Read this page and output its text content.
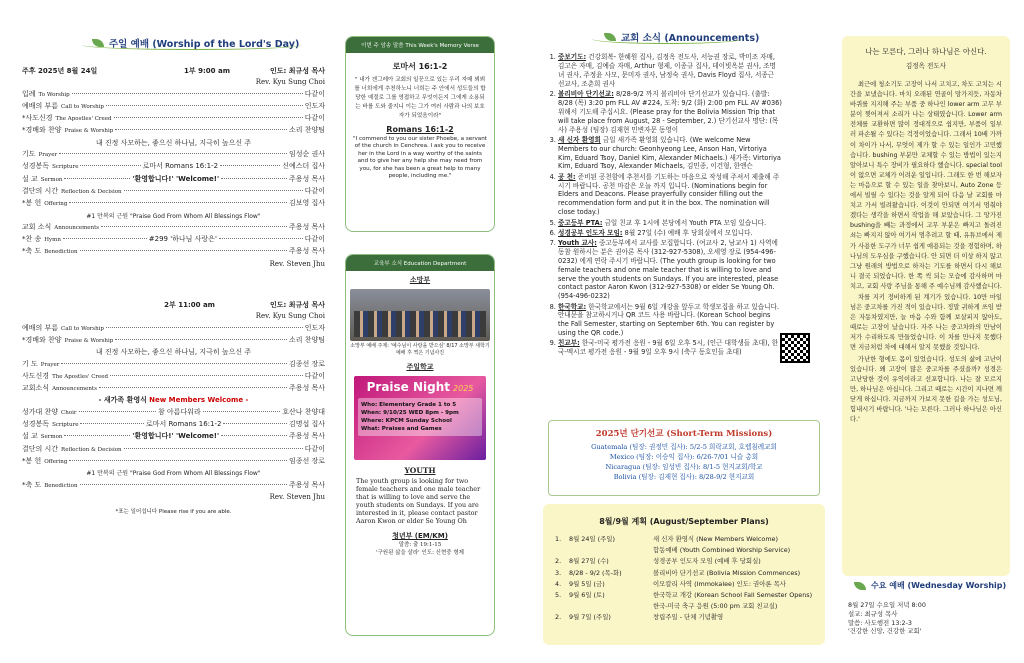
주일 예배 (Worship of the Lord's Day)
주후 2025년 8월 24일	1부 9:00 am	인도: 최규성 목사
Rev. Kyu Sung Choi
입례 To Worship	다같이
예배의 부름 Call to Worship	인도자
*사도신경 The Apostles' Creed	다같이
*경배와 찬양 Praise & Worship	소리 찬양팀
내 진정 사모하는, 좋으신 하나님, 지극히 높으신 주
기도 Prayer	임성순 권사
성경봉독 Scripture	로마서 Romans 16:1-2	신예스더 집사
설 교 Sermon	'환영합니다!' 'Welcome!'	주용성 목사
결단의 시간 Reflection & Decision	다같이
*봉 헌 Offering	김보영 집사
#1 만복의 근원 "Praise God From Whom All Blessings Flow"
교회 소식 Announcements	주용성 목사
*찬 송 Hymn	#299 '하나님 사랑은'	다같이
*축 도 Benediction	주용성 목사
Rev. Steven Jhu
2부 11:00 am	인도: 최규성 목사
Rev. Kyu Sung Choi
예배의 부름 Call to Worship	인도자
*경배와 찬양 Praise & Worship	소리 찬양팀
내 진정 사모하는, 좋으신 하나님, 지극히 높으신 주
기 도 Prayer	김종선 장로
사도신경 The Apostles' Creed	다같이
교회소식 Announcements	주용성 목사
- 새가족 환영식 New Members Welcome -
성가대 찬양 Choir	참 아름다워라	호산나 찬양대
성경봉독 Scripture	로마서 Romans 16:1-2	김명섭 집사
설 교 Sermon	'환영합니다!' 'Welcome!'	주용성 목사
결단의 시간 Reflection & Decision	다같이
*봉 헌 Offering	임종선 장로
#1 만복의 근원 "Praise God From Whom All Blessings Flow"
*축 도 Benediction	주용성 목사
Rev. Steven Jhu
*표는 일어섭니다 Please rise if you are able.
이번 주 암송 말씀 This Week's Memory Verse
로마서 16:1-2
" 내가 겐그레아 교회의 일꾼으로 있는 우리 자매 뵈뵈를 너희에게 추천하노니 너희는 주 안에서 성도들의 합당한 예절로 그를 영접하고 무엇이든지 그에게 소용되는 바를 도와 줄지니 이는 그가 여러 사람과 나의 보호자가 되었음이라"
Romans 16:1-2
"I commend to you our sister Phoebe, a servant of the church in Cenchrea. I ask you to receive her in the Lord in a way worthy of the saints and to give her any help she may need from you, for she has been a great help to many people, including me."
교육부 소식 Education Department
소망부
소망부 예배 주제: '예수님이 사랑을 받으심' 8/17 소망부 새학기 예배 후 찍은 기념사진
주일학교
Praise Night 2025
Who: Elementary Grade 1 to 5
When: 9/10/25 WED 8pm - 9pm
Where: KPCM Sunday School
What: Praises and Games
YOUTH
The youth group is looking for two female teachers and one male teacher that is willing to love and serve the youth students on Sundays. If you are interested in it, please contact pastor Aaron Kwon or elder Se Young Oh
청년부 (EM/KM)
말씀: 출 19:1-15
'구원된 삶을 살라' 인도: 신현중 형제
교회 소식 (Announcements)
1. 중보기도: 건강회복- 한혜원 집사, 김정옥 전도사, 서능권 장로, 박미조 자매, 김고은 자매, 김예슬 자매, Arthur 형제, 이종규 집사, 데이빗옥분 권사, 조명녀 권사, 주정윤 사모, 문미자 권사, 남정숙 권사, Davis Floyd 집사, 서종근 선교사, 조춘희 권사
2. 볼리비아 단기선교: 8/28-9/2 까지 볼리비아 단기선교가 있습니다. (출발: 8/28 (목) 3:20 pm FLL AV #224, 도착: 9/2 (화) 2:00 pm FLL AV #036) 위해서 기도해 주십시요. (Please pray for the Bolivia Mission Trip that will take place from August, 28 - September, 2.) 단기선교사 명단: (목사) 주용성 (팀장) 김재현 민변자문 동영이
3. 새 신자 환영회 금일 새가족 환영회 있습니다. (We welcome New Members to our church: Geonhyeong Lee, Anson Han, Virtoriya Kim, Eduard Tsoy, Daniel Kim, Alexander Michaels.) 새가족: Virtoriya Kim, Eduard Tsoy, Alexander Michaels, 김민종, 이건형, 한앤슨
4. 공 천: 준비된 공천함에 추천서를 기도하는 마음으로 작성해 주셔서 제출해 주시기 바랍니다. 공천 마감은 오늘 까지 입니다. (Nominations begin for Elders and Deacons. Please prayerfully consider filling out the recommendation form and put it in the box. The nomination will close today.)
5. 중고등부 PTA: 금일 친교 후 1시에 본당에서 Youth PTA 모임 있습니다.
6. 성경공부 인도자 모임: 8월 27일 (수) 예배 후 당회실에서 모입니다.
7. Youth 교사: 중고등부에서 교사를 모집합니다. (여교사 2, 남교사 1) 사역에 동참 원하시는 분은 권아론 목사 (312-927-5308), 오세영 장로 (954-496-0232) 에게 연락 주시기 바랍니다. (The youth group is looking for two female teachers and one male teacher that is willing to love and serve the youth students on Sundays. If you are interested, please contact pastor Aaron Kwon (312-927-5308) or elder Se Young Oh. (954-496-0232)
8. 한국학교: 한국학교에서는 9월 6일 개강을 앞두고 학생모집을 하고 있습니다. 안내문을 참고하시거나 QR 코드 사용 바랍니다. (Korean School begins the Fall Semester, starting on September 6th. You can register by using the QR code.)
9. 친교부: 한국-미국 평가전 응원 - 9월 6일 오후 5시, (인근 대학생들 초대), 한국-멕시코 평가전 응원 - 9월 9일 오후 9시 (축구 동호인들 초대)
2025년 단기선교 (Short-Term Missions)
Guatemala (팀장: 권정민 집사): 5/2-5 희락교회, 호렙침례교회
Mexico (팀장: 이승익 집사): 6/26-7/01 니슬 총회
Nicaragua (팀장: 임성빈 집사): 8/1-5 현지교회/학교
Bolivia (팀장: 김재현 집사): 8/28-9/2 현지교회
8월/9월 계획 (August/September Plans)
1.	8월 24일 (주일)	새 신자 환영식 (New Members Welcome)
합동예배 (Youth Combined Worship Service)
2.	8월 27일 (수)	성경공부 인도자 모임 (예배 후 당회실)
3.	8/28 - 9/2 (목-화)	볼리비아 단기선교 (Bolivia Mission Commences)
4.	9월 5일 (금)	이모칼리 사역 (Immokalee) 인도: 권아론 목사
5.	9월 6일 (토)	한국학교 개강 (Korean School Fall Semester Opens)
한국-미국 축구 응원 (5:00 pm 교회 친교실)
2.	9월 7일 (주일)	창립주일 - 단체 기념촬영
나는 모른다, 그러나 하나님은 아신다.
김정옥 전도사

최근에 청소기도 고장이 나서 고치고, 차도 고치는 시간을 보냈습니다. 마치 오래된 연골이 망가지듯, 자동차 바퀴를 지지해 주는 부품 중 하나인 lower arm 고무 부분이 찢어져서 소리가 나는 상태였습니다. Lower arm 전체를 교환하면 많이 정대적으로 쉽지만, 부품이 일부러 파손될 수 있다는 걱정이었습니다. 그래서 10배 가까이 차이가 나서, 무엇이 제가 할 수 있는 일인가 고민했습니다. bushing 부분만 교체할 수 있는 방법이 있는지 알아보니 특수 장비가 필요하다 했습니다. special tool이 없으면 교체가 어려운 일입니다. 그래도 한 번 해보자는 마음으로 할 수 있는 일을 찾아보니, Auto Zone 등에서 빌릴 수 있다는 것을 알게 되어 다음 날 교회를 마치고 가서 빌려왔습니다. 이것이 안되면 여기서 멈춰야겠다는 생각을 하면서 작업을 해 보았습니다. 그 망가진 bushing을 빼는 과정에서 고무 부분은 빠지고 돌려진 쇠는 빠지지 않아 여기서 멈추려고 할 때, 유튜브에서 제가 사용한 도구가 너무 쉽게 애용되는 것을 경험하며, 하나님의 도우심을 구했습니다. 안 되면 더 이상 하지 않고 그냥 원래의 방법으로 하자는 기도를 하면서 다시 해보니 결국 되었습니다. 한 쪽 씩 되는 모습에 감사하며 마치고, 교회 사랑 주님을 통해 주 예수님께 감사했습니다.

차를 지키 정비하게 된 계기가 있습니다. 10만 마일 넘은 중고차를 가진 적이 있습니다. 정말 귀하게 쓰임 받은 자동차였지만, 늘 마음 수와 함께 보살피지 않아도, 때로는 고장이 났습니다. 자주 나는 중고차와의 만남이 저가 수리하도록 만들었습니다. 이 차를 만나지 못했다면 지금처럼 차에 대해서 알지 못했을 것입니다.

가난한 형에도 몸이 있었습니다. 성도의 삶에 고난이 있습니다. 왜 고장이 많은 중고차를 주셨을까? 성경은 고난당한 것이 유익이라고 선포합니다. 나는 잘 모르지만, 하나님은 아십니다. 그리고 때로는 시간이 지나면 깨닫게 하십니다. 지금까지 가보지 못한 길을 가는 성도님, 힘내시기 바랍니다. '나는 모른다. 그러나 하나님은 아신다.'

수요 예배 (Wednesday Worship)
8월 27일 수요일 저녁 8:00
설교: 최규성 목사
말씀: 사도행전 13:2-3
'건강한 신앙, 건강한 교회'
